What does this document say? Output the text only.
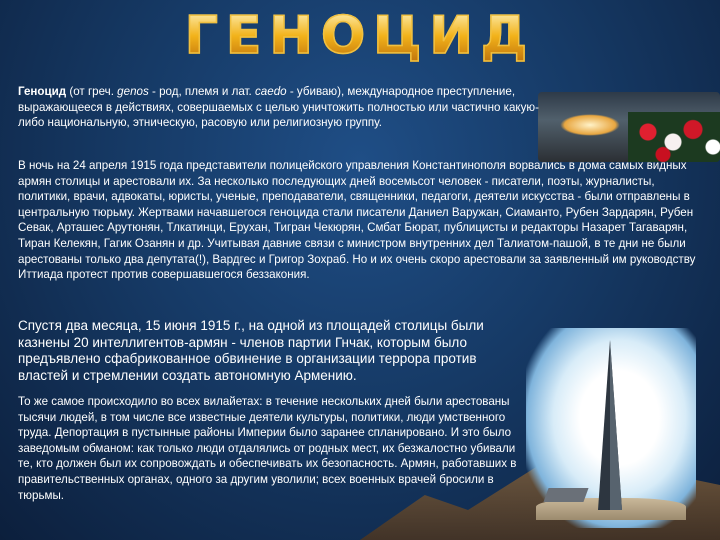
ГЕНОЦИД

Геноцид (от греч. genos - род, племя и лат. caedo - убиваю), международное преступление, выражающееся в действиях, совершаемых с целью уничтожить полностью или частично какую-либо национальную, этническую, расовую или религиозную группу.

В ночь на 24 апреля 1915 года представители полицейского управления Константинополя ворвались в дома самых видных армян столицы и арестовали их. За несколько последующих дней восемьсот человек - писатели, поэты, журналисты, политики, врачи, адвокаты, юристы, ученые, преподаватели, священники, педагоги, деятели искусства - были отправлены в центральную тюрьму. Жертвами начавшегося геноцида стали писатели Даниел Варужан, Сиаманто, Рубен Зардарян, Рубен Севак, Арташес Арутюнян, Тлкатинци, Ерухан, Тигран Чекюрян, Смбат Бюрат, публицисты и редакторы Назарет Тагаварян, Тиран Келекян, Гагик Озанян и др. Учитывая давние связи с министром внутренних дел Талиатом-пашой, в те дни не были арестованы только два депутата(!), Вардгес и Григор Зохраб. Но и их очень скоро арестовали за заявленный им руководству Иттиада протест против совершавшегося беззакония.

Спустя два месяца, 15 июня 1915 г., на одной из площадей столицы были казнены 20 интеллигентов-армян - членов партии Гнчак, которым было предъявлено сфабрикованное обвинение в организации террора против властей и стремлении создать автономную Армению.

То же самое происходило во всех вилайетах: в течение нескольких дней были арестованы тысячи людей, в том числе все известные деятели культуры, политики, люди умственного труда. Депортация в пустынные районы Империи было заранее спланировано. И это было заведомым обманом: как только люди отдалялись от родных мест, их безжалостно убивали те, кто должен был их сопровождать и обеспечивать их безопасность. Армян, работавших в правительственных органах, одного за другим уволили; всех военных врачей бросили в тюрьмы.
